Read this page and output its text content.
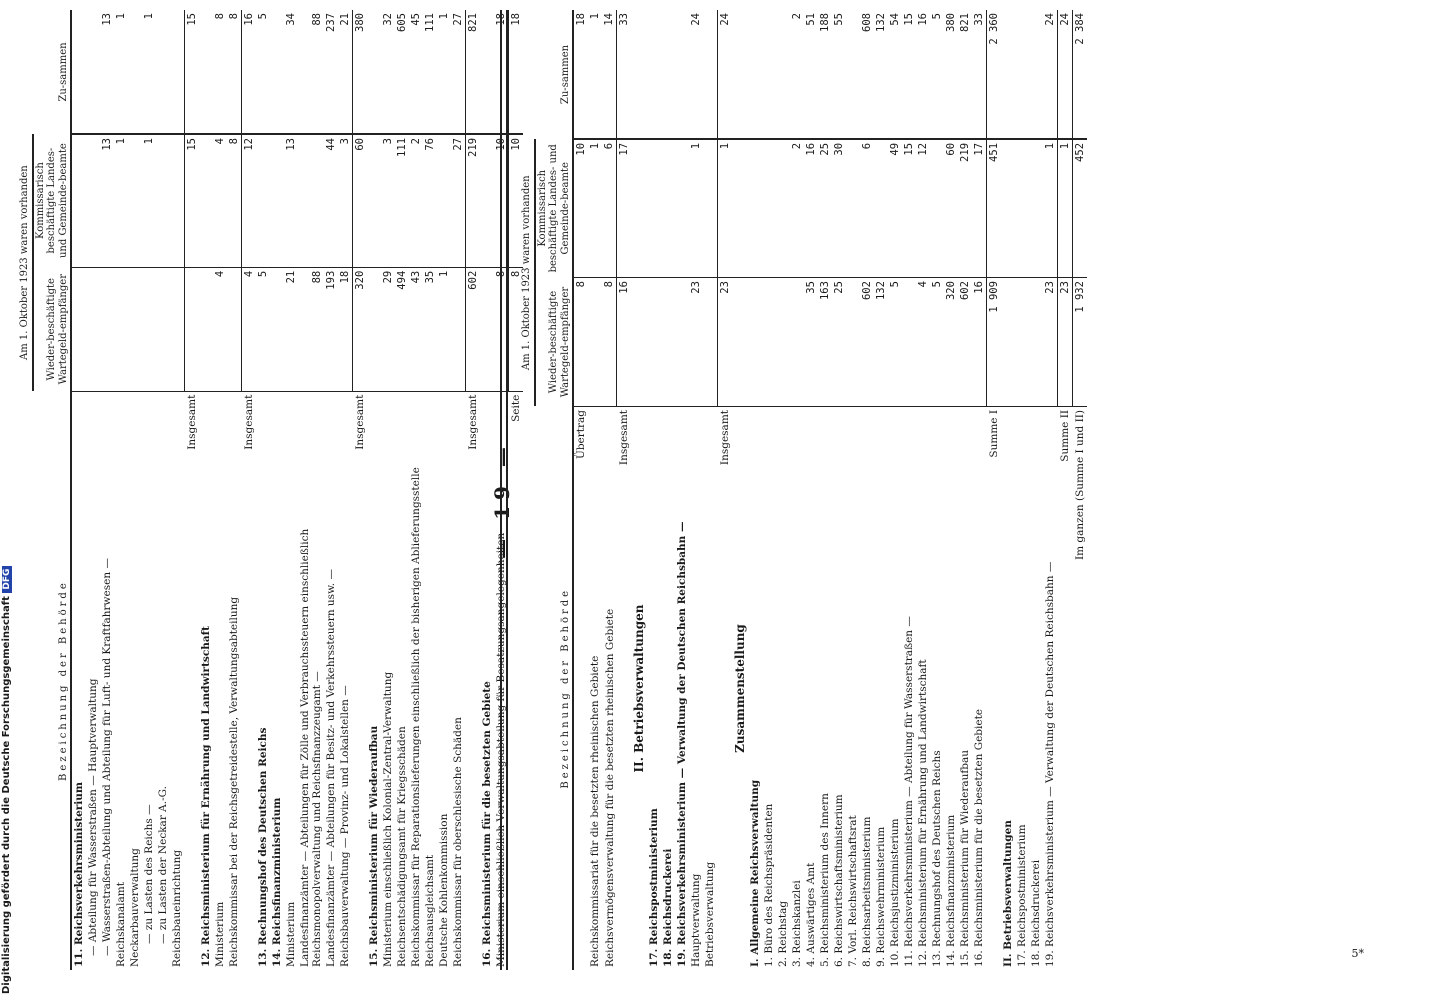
Bezeichnung der Behörde	Am 1. Oktober 1923 waren vorhanden		Zu-sammen
	Wieder-beschäftigte Wartegeld-empfänger	Kommissarisch beschäftigte Landes- und Gemeinde-beamte	
11. Reichsverkehrsministerium			
— Abteilung für Wasserstraßen — Hauptverwaltung			
— Wasserstraßen-Abteilung und Abteilung für Luft- und Kraftfahrwesen —		13	13
Reichskanalamt		1	1
Neckarbauverwaltung			
— zu Lasten des Reichs —		1	1
— zu Lasten der Neckar A.-G.			
Reichsbaueinrichtung			
Insgesamt		15	15
12. Reichsministerium für Ernährung und Landwirtschaft			
Ministerium	4	4	8
Reichskommissar bei der Reichsgetreidestelle, Verwaltungsabteilung		8	8
Insgesamt	4	12	16
13. Rechnungshof des Deutschen Reichs	5		5
14. Reichsfinanzministerium			
Ministerium	21	13	34
Landesfinanzämter — Abteilungen für Zölle und Verbrauchssteuern einschließlich Reichsmonopolverwaltung und Reichsfinanzzeugamt —	88		88
Landesfinanzämter — Abteilungen für Besitz- und Verkehrssteuern usw. —	193	44	237
Reichsbauverwaltung — Provinz- und Lokalstellen —	18	3	21
Insgesamt	320	60	380
15. Reichsministerium für Wiederaufbau			
Ministerium einschließlich Kolonial-Zentral-Verwaltung	29	3	32
Reichsentschädigungsamt für Kriegsschäden	494	111	605
Reichskommissar für Reparationslieferungen einschließlich der bisherigen Ablieferungsstelle	43	2	45
Reichsausgleichsamt	35	76	111
Deutsche Kohlenkommission	1		1
Reichskommissar für oberschlesische Schäden		27	27
Insgesamt	602	219	821
16. Reichsministerium für die besetzten Gebiete			
Ministerium einschließlich Verwaltungsabteilung für Besatzungsangelegenheiten	8	10	18
Seite	8	10	18
— 19 —
Bezeichnung der Behörde	Am 1. Oktober 1923 waren vorhanden		Zu-sammen
	Wieder-beschäftigte Wartegeld-empfänger	Kommissarisch beschäftigte Landes- und Gemeinde-beamte	
Übertrag	8	10	18
Reichskommissariat für die besetzten rheinischen Gebiete		1	1
Reichsvermögensverwaltung für die besetzten rheinischen Gebiete	8	6	14
Insgesamt	16	17	33
II. Betriebsverwaltungen			
17. Reichspostministerium			
18. Reichsdruckerei			
19. Reichsverkehrsministerium — Verwaltung der Deutschen Reichsbahn —			
Hauptverwaltung	23	1	24
Betriebsverwaltung			
Insgesamt	23	1	24
Zusammenstellung			
I. Allgemeine Reichsverwaltung			
1. Büro des Reichspräsidenten			
2. Reichstag			
3. Reichskanzlei		2	2
4. Auswärtiges Amt	35	16	51
5. Reichsministerium des Innern	163	25	188
6. Reichswirtschaftsministerium	25	30	55
7. Vorl. Reichswirtschaftsrat			
8. Reichsarbeitsministerium	602	6	608
9. Reichswehrministerium	132		132
10. Reichsjustizministerium	5	49	54
11. Reichsverkehrsministerium — Abteilung für Wasserstraßen —		15	15
12. Reichsministerium für Ernährung und Landwirtschaft	4	12	16
13. Rechnungshof des Deutschen Reichs	5		5
14. Reichsfinanzministerium	320	60	380
15. Reichsministerium für Wiederaufbau	602	219	821
16. Reichsministerium für die besetzten Gebiete	16	17	33
Summe I	1 909	451	2 360
II. Betriebsverwaltungen			
17. Reichspostministerium			
18. Reichsdruckerei			
19. Reichsverkehrsministerium — Verwaltung der Deutschen Reichsbahn —	23	1	24
Summe II	23	1	24
Im ganzen (Summe I und II)	1 932	452	2 384
5*
Digitalisierung gefördert durch die Deutsche Forschungsgemeinschaft DFG
